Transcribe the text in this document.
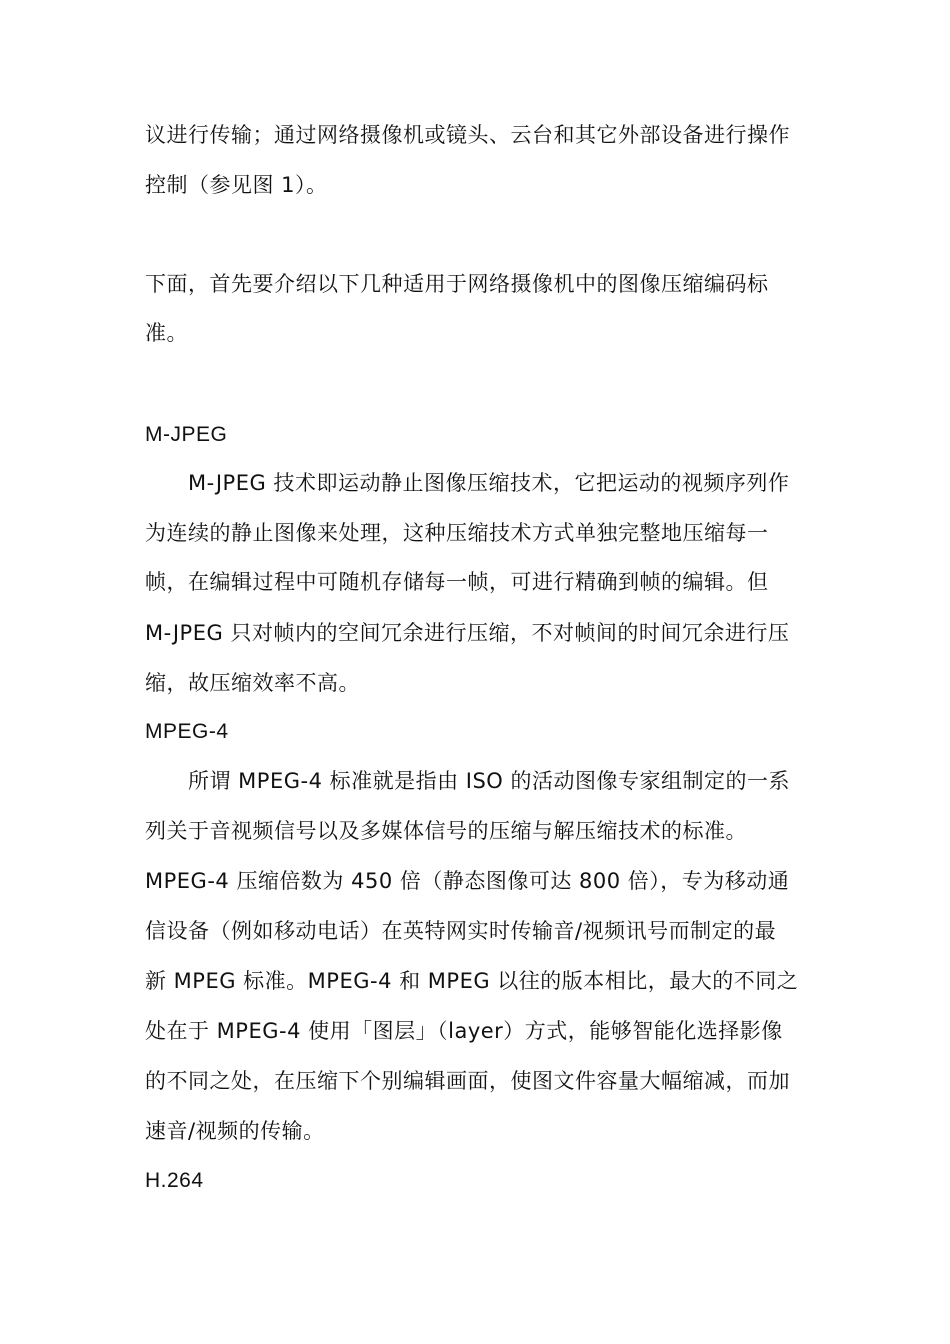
议进行传输；通过网络摄像机或镜头、云台和其它外部设备进行操作
控制（参见图 1）。
下面，首先要介绍以下几种适用于网络摄像机中的图像压缩编码标
准。
M-JPEG
M-JPEG 技术即运动静止图像压缩技术，它把运动的视频序列作
为连续的静止图像来处理，这种压缩技术方式单独完整地压缩每一
帧，在编辑过程中可随机存储每一帧，可进行精确到帧的编辑。但
M-JPEG 只对帧内的空间冗余进行压缩，不对帧间的时间冗余进行压
缩，故压缩效率不高。
MPEG-4
所谓 MPEG-4 标准就是指由 ISO 的活动图像专家组制定的一系
列关于音视频信号以及多媒体信号的压缩与解压缩技术的标准。
MPEG-4 压缩倍数为 450 倍（静态图像可达 800 倍），专为移动通
信设备（例如移动电话）在英特网实时传输音/视频讯号而制定的最
新 MPEG 标准。MPEG-4 和 MPEG 以往的版本相比，最大的不同之
处在于 MPEG-4 使用「图层」（layer）方式，能够智能化选择影像
的不同之处，在压缩下个别编辑画面，使图文件容量大幅缩减，而加
速音/视频的传输。
H.264
